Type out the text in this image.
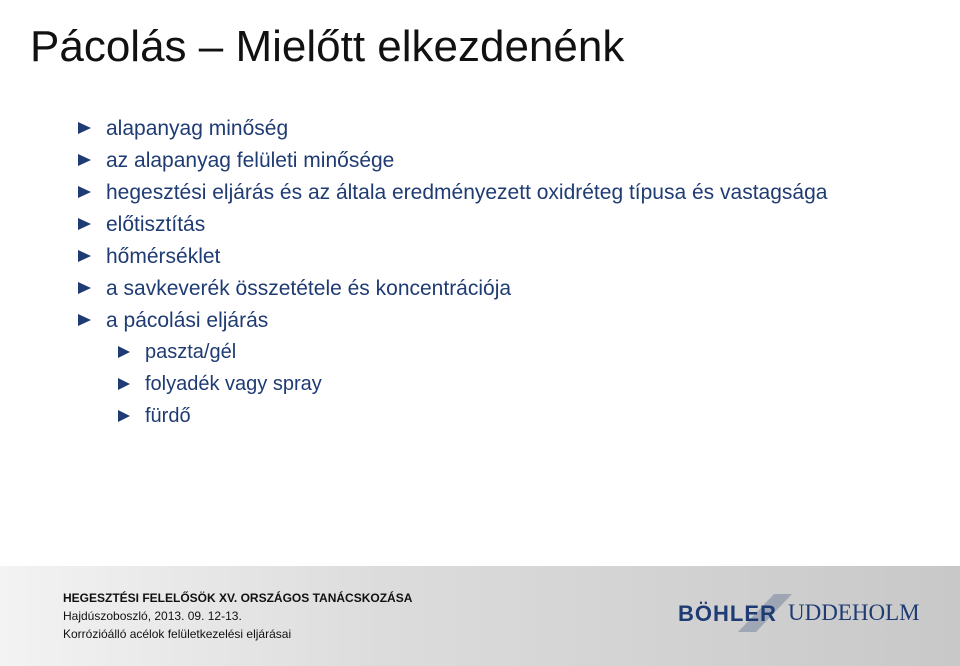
Pácolás – Mielőtt elkezdenénk
alapanyag minőség
az alapanyag felületi minősége
hegesztési eljárás és az általa eredményezett oxidréteg típusa és vastagsága
előtisztítás
hőmérséklet
a savkeverék összetétele és koncentrációja
a pácolási eljárás
paszta/gél
folyadék vagy spray
fürdő
HEGESZTÉSI FELELŐSÖK XV. ORSZÁGOS TANÁCSKOZÁSA
Hajdúszoboszló, 2013. 09. 12-13.
Korrózióálló acélok felületkezelési eljárásai
BÖHLER UDDEHOLM
